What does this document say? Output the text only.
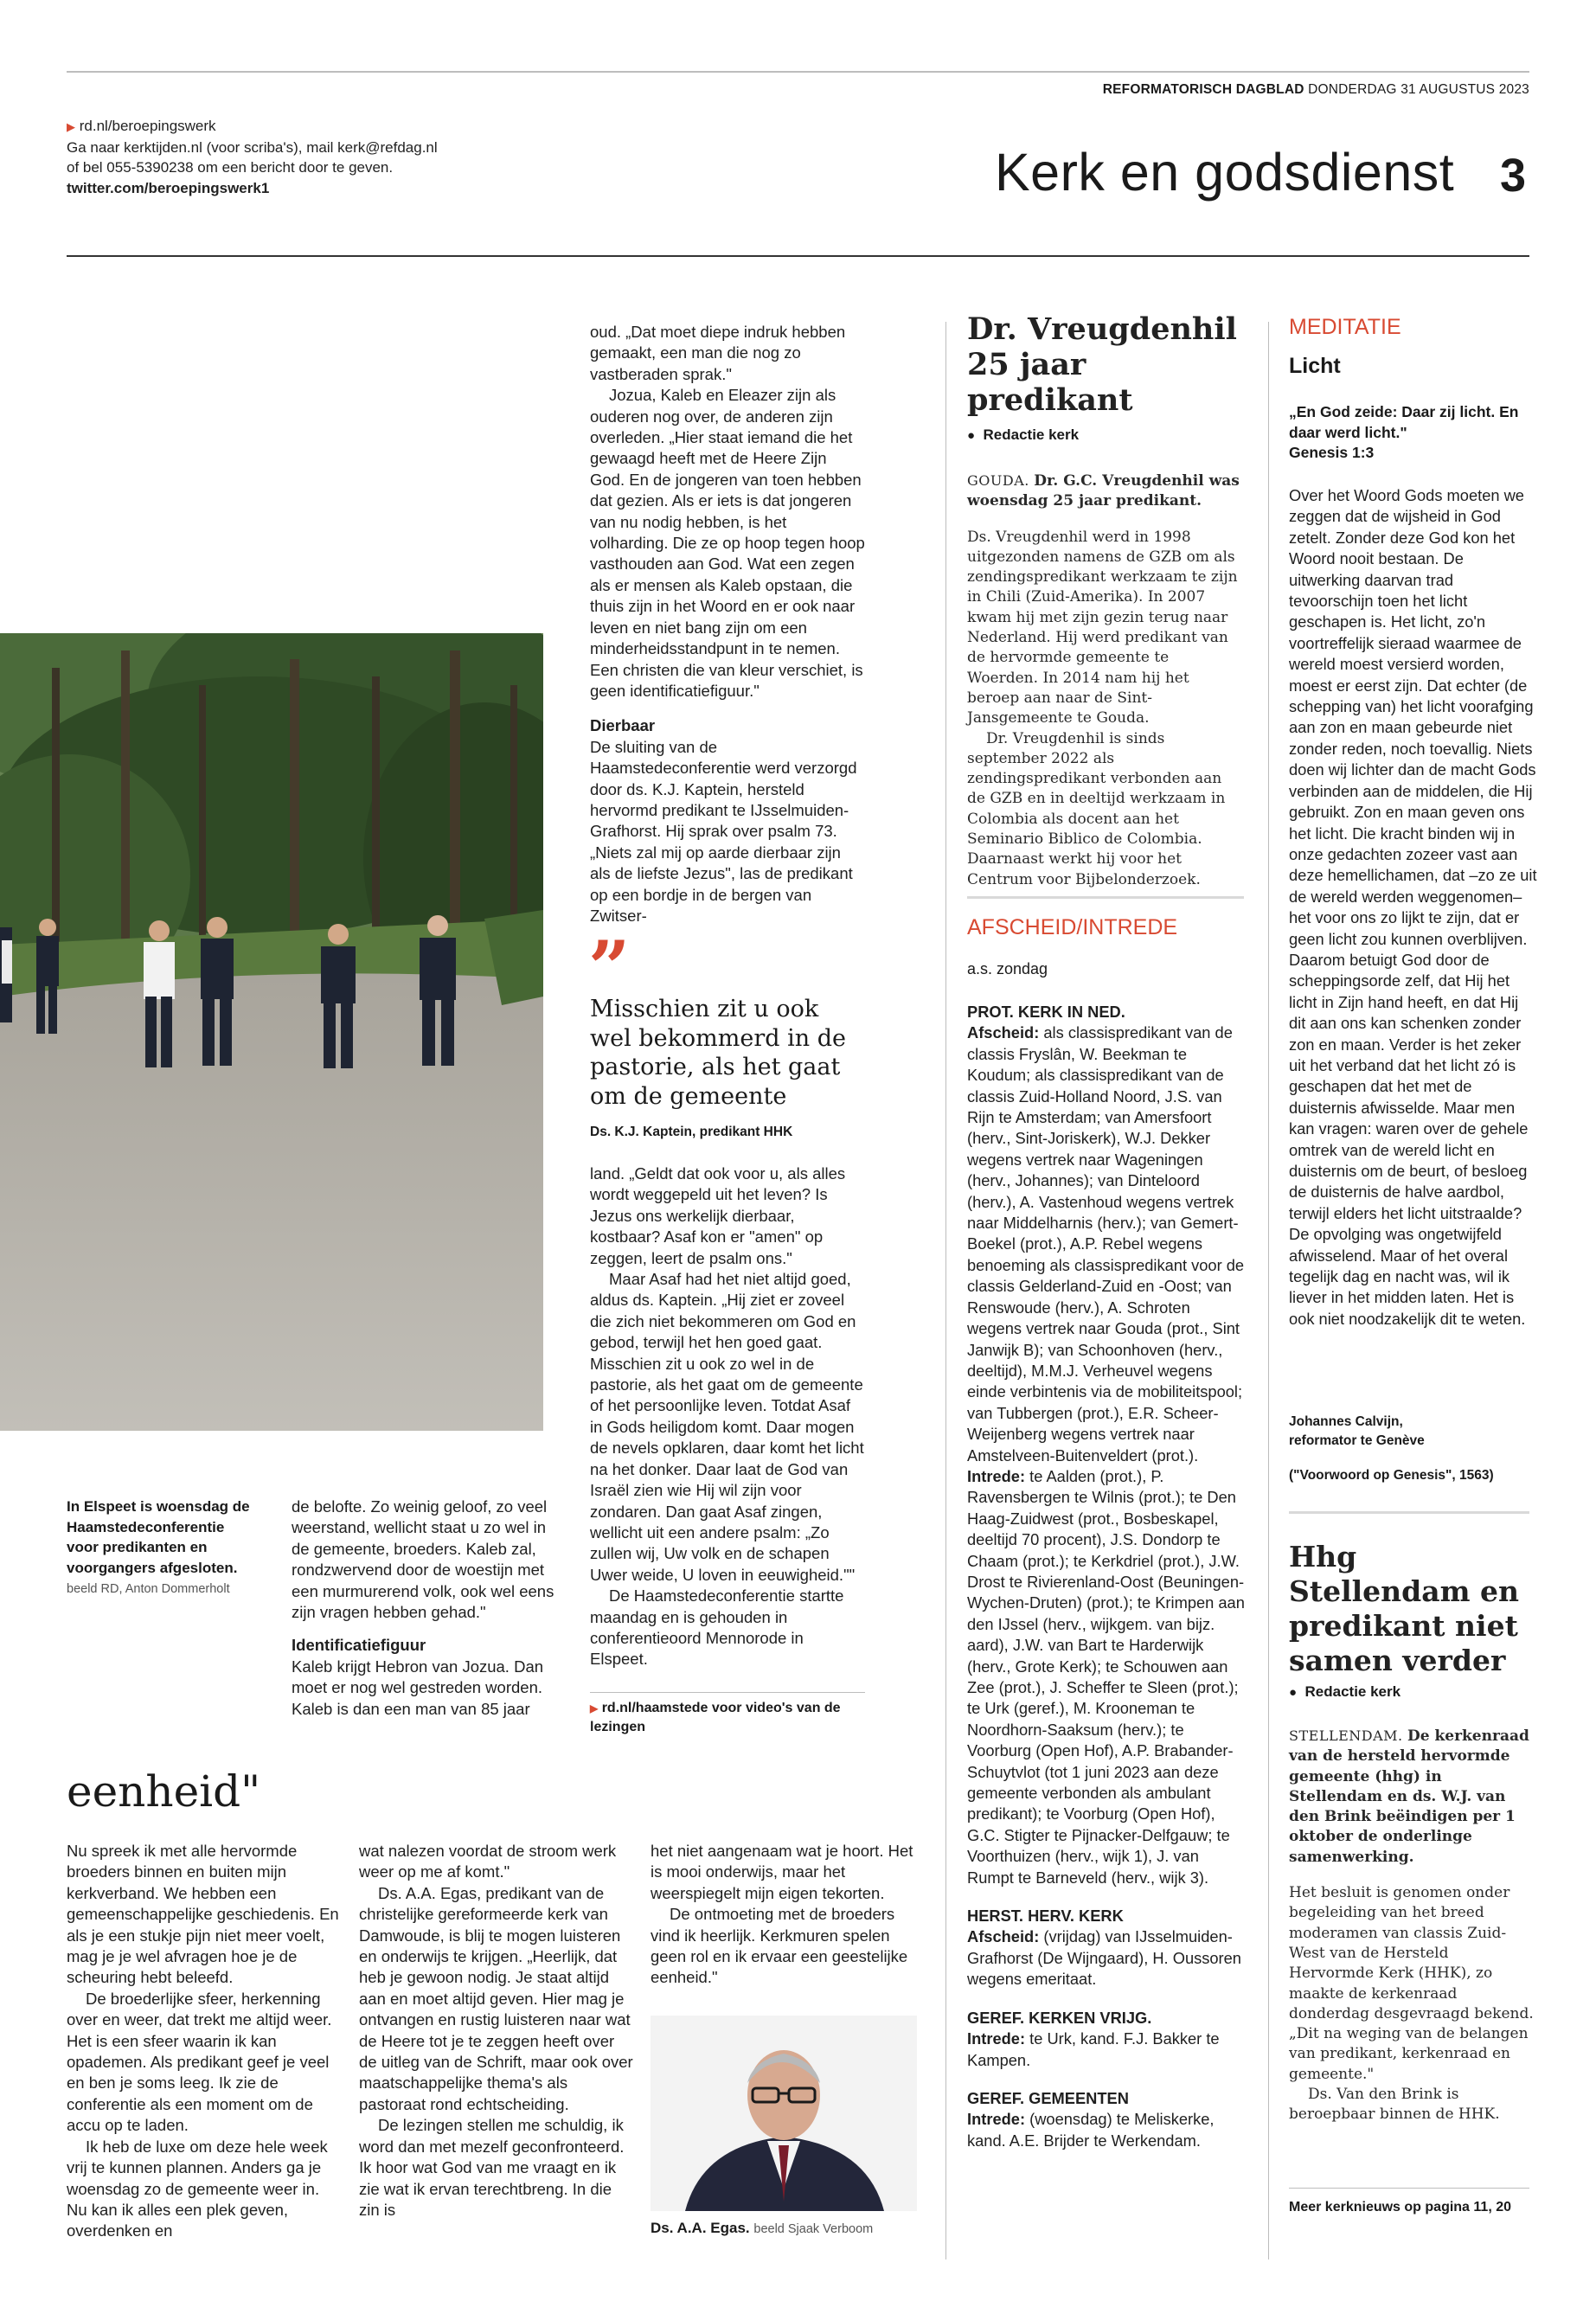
REFORMATORISCH DAGBLAD DONDERDAG 31 AUGUSTUS 2023
▶ rd.nl/beroepingswerk
Ga naar kerktijden.nl (voor scriba's), mail kerk@refdag.nl
of bel 055-5390238 om een bericht door te geven.
twitter.com/beroepingswerk1	Kerk en godsdienst 3
In Elspeet is woensdag de Haamstedeconferentie voor predikanten en voorgangers afgesloten. beeld RD, Anton Dommerholt

de belofte. Zo weinig geloof, zo veel weerstand, wellicht staat u zo wel in de gemeente, broeders. Kaleb zal, rondzwervend door de woestijn met een murmurerend volk, ook wel eens zijn vragen hebben gehad."

Identificatiefiguur

Kaleb krijgt Hebron van Jozua. Dan moet er nog wel gestreden worden. Kaleb is dan een man van 85 jaar

oud. „Dat moet diepe indruk hebben gemaakt, een man die nog zo vastberaden sprak."

Jozua, Kaleb en Eleazer zijn als ouderen nog over, de anderen zijn overleden. „Hier staat iemand die het gewaagd heeft met de Heere Zijn God. En de jongeren van toen hebben dat gezien. Als er iets is dat jongeren van nu nodig hebben, is het volharding. Die ze op hoop tegen hoop vasthouden aan God. Wat een zegen als er mensen als Kaleb opstaan, die thuis zijn in het Woord en er ook naar leven en niet bang zijn om een minderheidsstandpunt in te nemen. Een christen die van kleur verschiet, is geen identificatiefiguur."

Dierbaar

De sluiting van de Haamstedeconferentie werd verzorgd door ds. K.J. Kaptein, hersteld hervormd predikant te IJsselmuiden-Grafhorst. Hij sprak over psalm 73. „Niets zal mij op aarde dierbaar zijn als de liefste Jezus", las de predikant op een bordje in de bergen van Zwitser-

”
Misschien zit u ook wel bekommerd in de pastorie, als het gaat om de gemeente
Ds. K.J. Kaptein, predikant HHK

land. „Geldt dat ook voor u, als alles wordt weggepeld uit het leven? Is Jezus ons werkelijk dierbaar, kostbaar? Asaf kon er "amen" op zeggen, leert de psalm ons."

Maar Asaf had het niet altijd goed, aldus ds. Kaptein. „Hij ziet er zoveel die zich niet bekommeren om God en gebod, terwijl het hen goed gaat. Misschien zit u ook zo wel in de pastorie, als het gaat om de gemeente of het persoonlijke leven. Totdat Asaf in Gods heiligdom komt. Daar mogen de nevels opklaren, daar komt het licht na het donker. Daar laat de God van Israël zien wie Hij wil zijn voor zondaren. Dan gaat Asaf zingen, wellicht uit een andere psalm: „Zo zullen wij, Uw volk en de schapen Uwer weide, U loven in eeuwigheid.""

De Haamstedeconferentie startte maandag en is gehouden in conferentieoord Mennorode in Elspeet.

▶ rd.nl/haamstede voor video's van de lezingen
eenheid"

Nu spreek ik met alle hervormde broeders binnen en buiten mijn kerkverband. We hebben een gemeenschappelijke geschiedenis. En als je een stukje pijn niet meer voelt, mag je je wel afvragen hoe je de scheuring hebt beleefd.

De broederlijke sfeer, herkenning over en weer, dat trekt me altijd weer. Het is een sfeer waarin ik kan opademen. Als predikant geef je veel en ben je soms leeg. Ik zie de conferentie als een moment om de accu op te laden.

Ik heb de luxe om deze hele week vrij te kunnen plannen. Anders ga je woensdag zo de gemeente weer in. Nu kan ik alles een plek geven, overdenken en

wat nalezen voordat de stroom werk weer op me af komt."

Ds. A.A. Egas, predikant van de christelijke gereformeerde kerk van Damwoude, is blij te mogen luisteren en onderwijs te krijgen. „Heerlijk, dat heb je gewoon nodig. Je staat altijd aan en moet altijd geven. Hier mag je ontvangen en rustig luisteren naar wat de Heere tot je te zeggen heeft over de uitleg van de Schrift, maar ook over maatschappelijke thema's als pastoraat rond echtscheiding.

De lezingen stellen me schuldig, ik word dan met mezelf geconfronteerd. Ik hoor wat God van me vraagt en ik zie wat ik ervan terechtbreng. In die zin is

het niet aangenaam wat je hoort. Het is mooi onderwijs, maar het weerspiegelt mijn eigen tekorten.

De ontmoeting met de broeders vind ik heerlijk. Kerkmuren spelen geen rol en ik ervaar een geestelijke eenheid."

Ds. A.A. Egas. beeld Sjaak Verboom
Dr. Vreugdenhil 25 jaar predikant
● Redactie kerk

GOUDA. Dr. G.C. Vreugdenhil was woensdag 25 jaar predikant.

Ds. Vreugdenhil werd in 1998 uitgezonden namens de GZB om als zendingspredikant werkzaam te zijn in Chili (Zuid-Amerika). In 2007 kwam hij met zijn gezin terug naar Nederland. Hij werd predikant van de hervormde gemeente te Woerden. In 2014 nam hij het beroep aan naar de Sint-Jansgemeente te Gouda.

Dr. Vreugdenhil is sinds september 2022 als zendingspredikant verbonden aan de GZB en in deeltijd werkzaam in Colombia als docent aan het Seminario Biblico de Colombia. Daarnaast werkt hij voor het Centrum voor Bijbelonderzoek.

AFSCHEID/INTREDE
a.s. zondag
PROT. KERK IN NED.
Afscheid: als classispredikant van de classis Fryslân, W. Beekman te Koudum; als classispredikant van de classis Zuid-Holland Noord, J.S. van Rijn te Amsterdam; van Amersfoort (herv., Sint-Joriskerk), W.J. Dekker wegens vertrek naar Wageningen (herv., Johannes); van Dinteloord (herv.), A. Vastenhoud wegens vertrek naar Middelharnis (herv.); van Gemert-Boekel (prot.), A.P. Rebel wegens benoeming als classispredikant voor de classis Gelderland-Zuid en -Oost; van Renswoude (herv.), A. Schroten wegens vertrek naar Gouda (prot., Sint Janwijk B); van Schoonhoven (herv., deeltijd), M.M.J. Verheuvel wegens einde verbintenis via de mobiliteitspool; van Tubbergen (prot.), E.R. Scheer-Weijenberg wegens vertrek naar Amstelveen-Buitenveldert (prot.).
Intrede: te Aalden (prot.), P. Ravensbergen te Wilnis (prot.); te Den Haag-Zuidwest (prot., Bosbeskapel, deeltijd 70 procent), J.S. Dondorp te Chaam (prot.); te Kerkdriel (prot.), J.W. Drost te Rivierenland-Oost (Beuningen-Wychen-Druten) (prot.); te Krimpen aan den IJssel (herv., wijkgem. van bijz. aard), J.W. van Bart te Harderwijk (herv., Grote Kerk); te Schouwen aan Zee (prot.), J. Scheffer te Sleen (prot.); te Urk (geref.), M. Krooneman te Noordhorn-Saaksum (herv.); te Voorburg (Open Hof), A.P. Brabander-Schuytvlot (tot 1 juni 2023 aan deze gemeente verbonden als ambulant predikant); te Voorburg (Open Hof), G.C. Stigter te Pijnacker-Delfgauw; te Voorthuizen (herv., wijk 1), J. van Rumpt te Barneveld (herv., wijk 3).
HERST. HERV. KERK
Afscheid: (vrijdag) van IJsselmuiden-Grafhorst (De Wijngaard), H. Oussoren wegens emeritaat.
GEREF. KERKEN VRIJG.
Intrede: te Urk, kand. F.J. Bakker te Kampen.
GEREF. GEMEENTEN
Intrede: (woensdag) te Meliskerke, kand. A.E. Brijder te Werkendam.
MEDITATIE
Licht
„En God zeide: Daar zij licht. En daar werd licht."
Genesis 1:3
Over het Woord Gods moeten we zeggen dat de wijsheid in God zetelt. Zonder deze God kon het Woord nooit bestaan. De uitwerking daarvan trad tevoorschijn toen het licht geschapen is. Het licht, zo'n voortreffelijk sieraad waarmee de wereld moest versierd worden, moest er eerst zijn. Dat echter (de schepping van) het licht voorafging aan zon en maan gebeurde niet zonder reden, noch toevallig. Niets doen wij lichter dan de macht Gods verbinden aan de middelen, die Hij gebruikt. Zon en maan geven ons het licht. Die kracht binden wij in onze gedachten zozeer vast aan deze hemellichamen, dat –zo ze uit de wereld werden weggenomen– het voor ons zo lijkt te zijn, dat er geen licht zou kunnen overblijven. Daarom betuigt God door de scheppingsorde zelf, dat Hij het licht in Zijn hand heeft, en dat Hij dit aan ons kan schenken zonder zon en maan. Verder is het zeker uit het verband dat het licht zó is geschapen dat het met de duisternis afwisselde. Maar men kan vragen: waren over de gehele omtrek van de wereld licht en duisternis om de beurt, of besloeg de duisternis de halve aardbol, terwijl elders het licht uitstraalde? De opvolging was ongetwijfeld afwisselend. Maar of het overal tegelijk dag en nacht was, wil ik liever in het midden laten. Het is ook niet noodzakelijk dit te weten.
Johannes Calvijn,
reformator te Genève
("Voorwoord op Genesis", 1563)
Hhg Stellendam en predikant niet samen verder
● Redactie kerk

STELLENDAM. De kerkenraad van de hersteld hervormde gemeente (hhg) in Stellendam en ds. W.J. van den Brink beëindigen per 1 oktober de onderlinge samenwerking.

Het besluit is genomen onder begeleiding van het breed moderamen van classis Zuid-West van de Hersteld Hervormde Kerk (HHK), zo maakte de kerkenraad donderdag desgevraagd bekend. „Dit na weging van de belangen van predikant, kerkenraad en gemeente."

Ds. Van den Brink is beroepbaar binnen de HHK.

Meer kerknieuws op pagina 11, 20
